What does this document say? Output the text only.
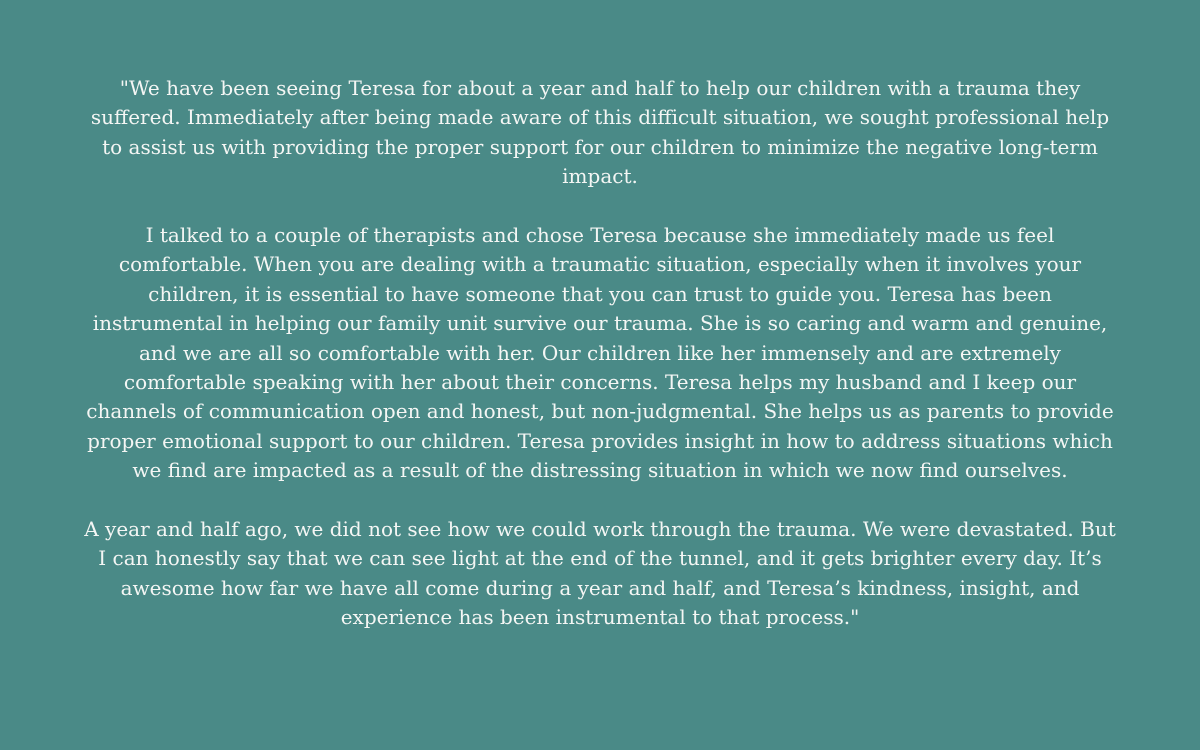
"We have been seeing Teresa for about a year and half to help our children with a trauma they suffered. Immediately after being made aware of this difficult situation, we sought professional help to assist us with providing the proper support for our children to minimize the negative long-term impact.

I talked to a couple of therapists and chose Teresa because she immediately made us feel comfortable. When you are dealing with a traumatic situation, especially when it involves your children, it is essential to have someone that you can trust to guide you. Teresa has been instrumental in helping our family unit survive our trauma. She is so caring and warm and genuine, and we are all so comfortable with her. Our children like her immensely and are extremely comfortable speaking with her about their concerns. Teresa helps my husband and I keep our channels of communication open and honest, but non-judgmental. She helps us as parents to provide proper emotional support to our children. Teresa provides insight in how to address situations which we find are impacted as a result of the distressing situation in which we now find ourselves.

A year and half ago, we did not see how we could work through the trauma. We were devastated. But I can honestly say that we can see light at the end of the tunnel, and it gets brighter every day. It’s awesome how far we have all come during a year and half, and Teresa’s kindness, insight, and experience has been instrumental to that process."
